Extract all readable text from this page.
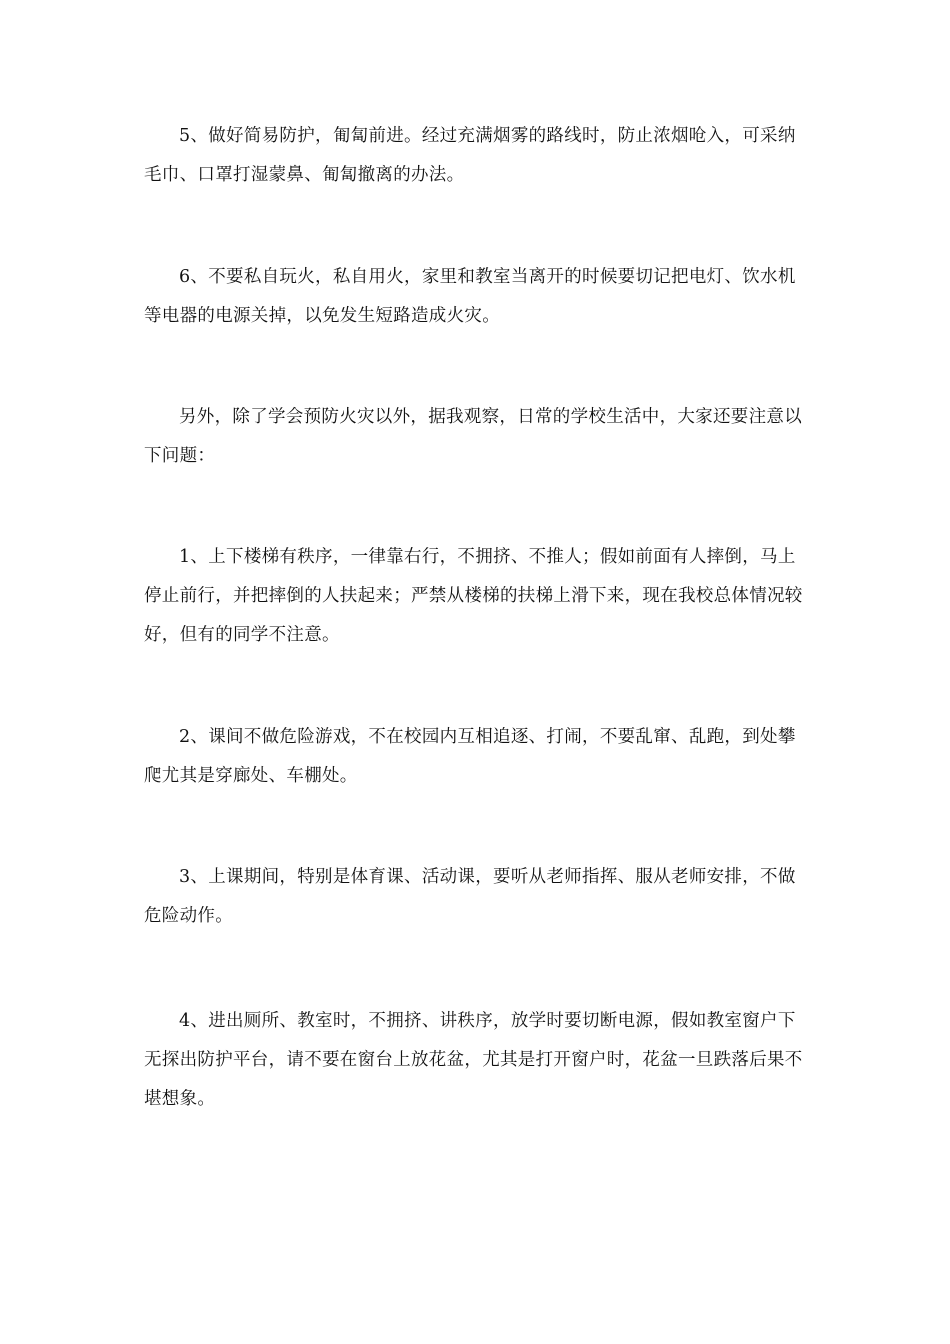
5、做好简易防护，匍匐前进。经过充满烟雾的路线时，防止浓烟呛入，可采纳毛巾、口罩打湿蒙鼻、匍匐撤离的办法。

6、不要私自玩火，私自用火，家里和教室当离开的时候要切记把电灯、饮水机等电器的电源关掉，以免发生短路造成火灾。

另外，除了学会预防火灾以外，据我观察，日常的学校生活中，大家还要注意以下问题：

1、上下楼梯有秩序，一律靠右行，不拥挤、不推人；假如前面有人摔倒，马上停止前行，并把摔倒的人扶起来；严禁从楼梯的扶梯上滑下来，现在我校总体情况较好，但有的同学不注意。

2、课间不做危险游戏，不在校园内互相追逐、打闹，不要乱窜、乱跑，到处攀爬尤其是穿廊处、车棚处。

3、上课期间，特别是体育课、活动课，要听从老师指挥、服从老师安排，不做危险动作。

4、进出厕所、教室时，不拥挤、讲秩序，放学时要切断电源，假如教室窗户下无探出防护平台，请不要在窗台上放花盆，尤其是打开窗户时，花盆一旦跌落后果不堪想象。
